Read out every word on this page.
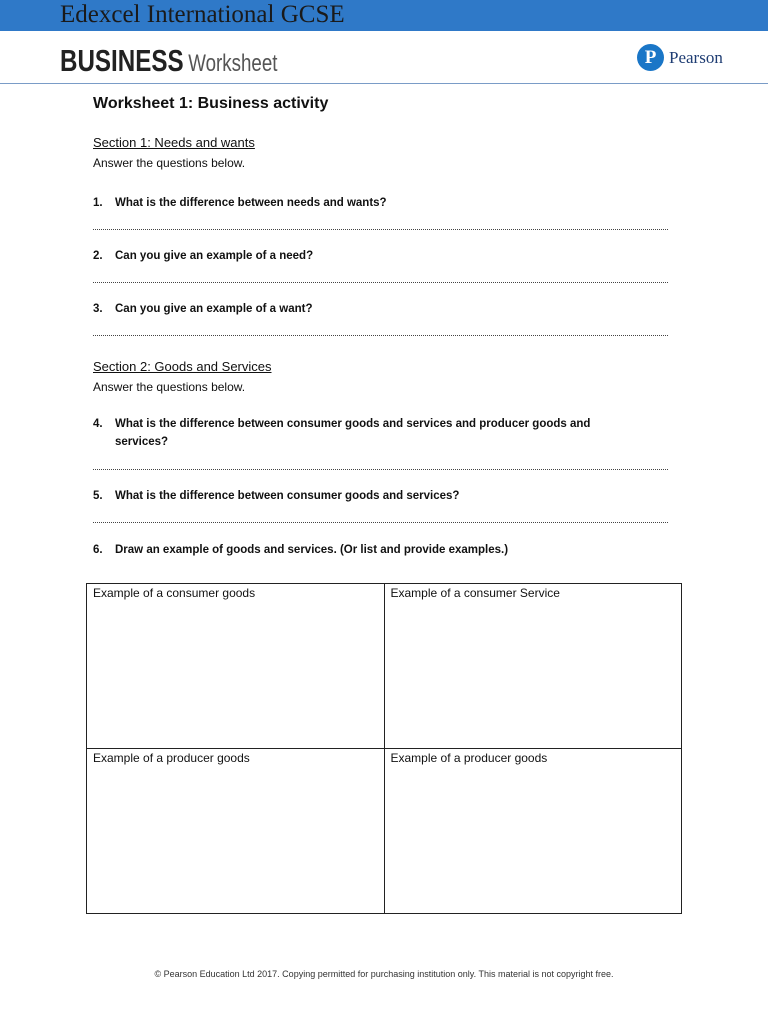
Edexcel International GCSE
BUSINESS Worksheet	P Pearson
Worksheet 1: Business activity
Section 1: Needs and wants
Answer the questions below.
1. What is the difference between needs and wants?
2. Can you give an example of a need?
3. Can you give an example of a want?
Section 2: Goods and Services
Answer the questions below.
4. What is the difference between consumer goods and services and producer goods and
services?
5. What is the difference between consumer goods and services?
6. Draw an example of goods and services. (Or list and provide examples.)
Example of a consumer goods	Example of a consumer Service
Example of a producer goods	Example of a producer goods
© Pearson Education Ltd 2017. Copying permitted for purchasing institution only. This material is not copyright free.
